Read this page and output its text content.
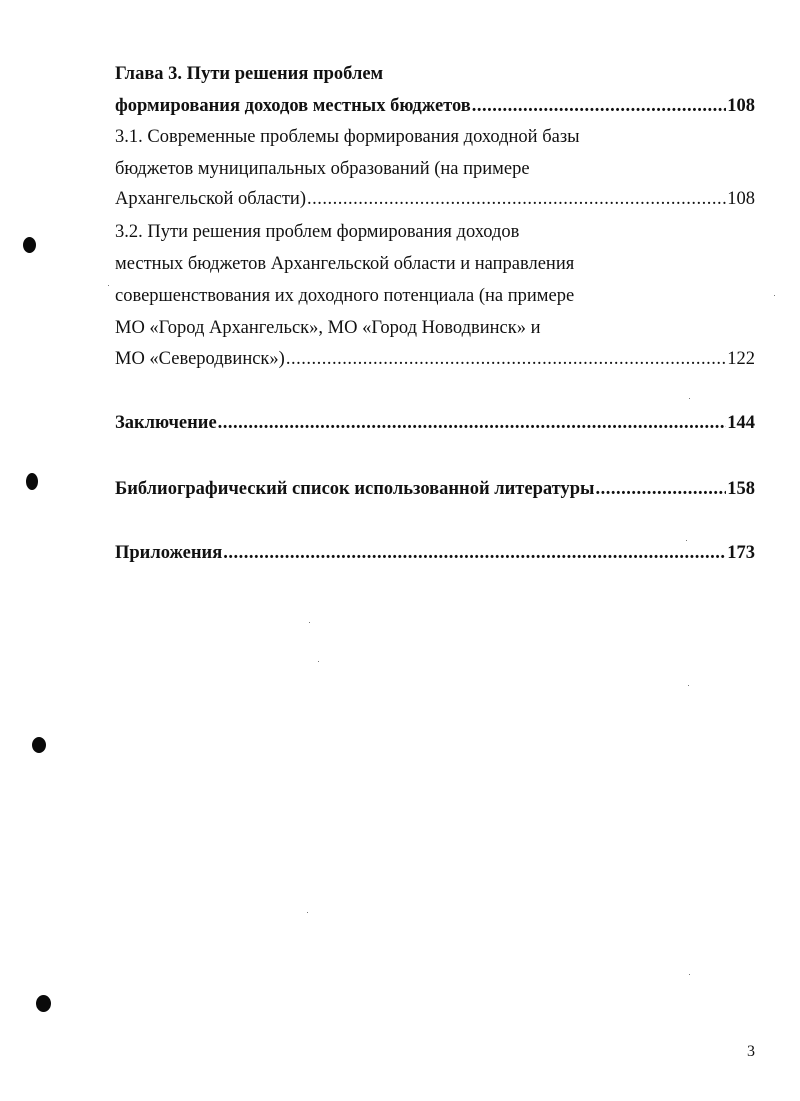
Глава 3. Пути решения проблем
формирования доходов местных бюджетов .....	108
3.1. Современные проблемы формирования доходной базы
бюджетов муниципальных образований (на примере
Архангельской области) .....	108
3.2. Пути решения проблем формирования доходов
местных бюджетов Архангельской области и направления
совершенствования их доходного потенциала (на примере
МО «Город Архангельск», МО «Город Новодвинск» и
МО «Северодвинск») .....	122
Заключение .....	144
Библиографический список использованной литературы .....	158
Приложения .....	173
3
